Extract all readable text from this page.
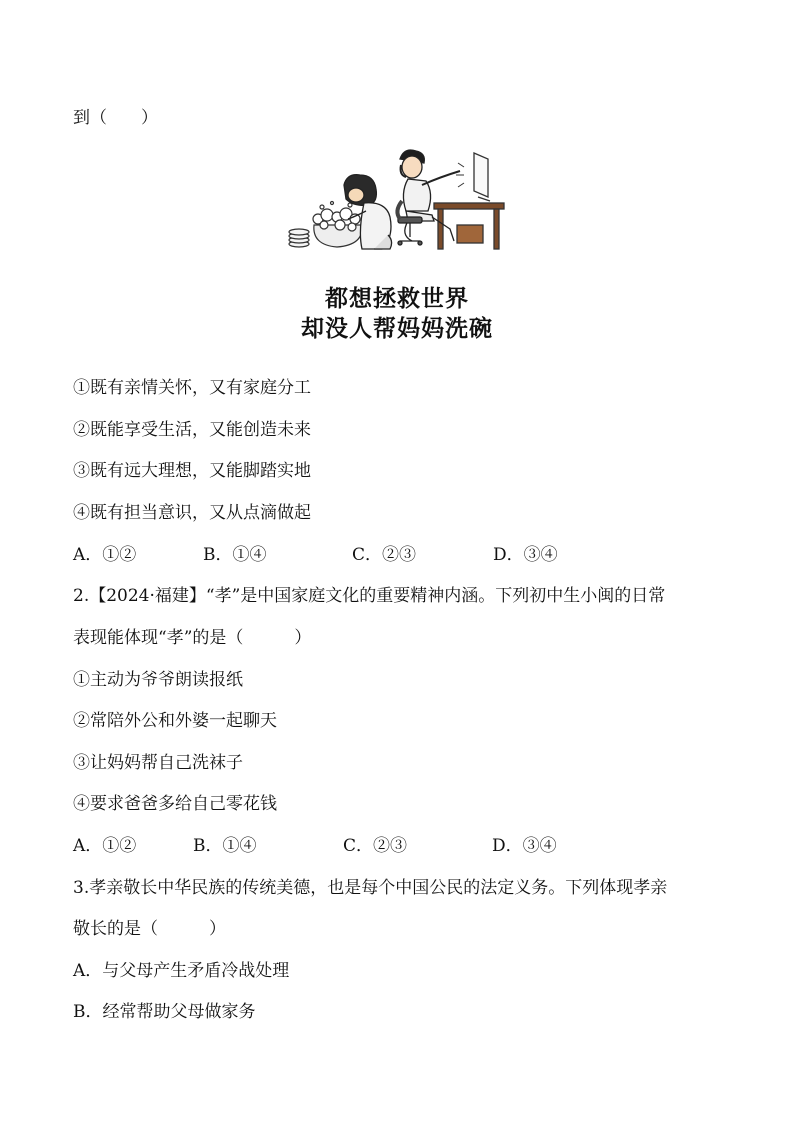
到（　　）
都想拯救世界
却没人帮妈妈洗碗
①既有亲情关怀，又有家庭分工
②既能享受生活，又能创造未来
③既有远大理想，又能脚踏实地
④既有担当意识，又从点滴做起
A．①②	B．①④	C．②③	D．③④
2.【2024·福建】“孝”是中国家庭文化的重要精神内涵。下列初中生小闽的日常
表现能体现“孝”的是（　　　）
①主动为爷爷朗读报纸
②常陪外公和外婆一起聊天
③让妈妈帮自己洗袜子
④要求爸爸多给自己零花钱
A．①②	B．①④	C．②③	D．③④
3.孝亲敬长中华民族的传统美德，也是每个中国公民的法定义务。下列体现孝亲
敬长的是（　　　）
A．与父母产生矛盾冷战处理
B．经常帮助父母做家务
